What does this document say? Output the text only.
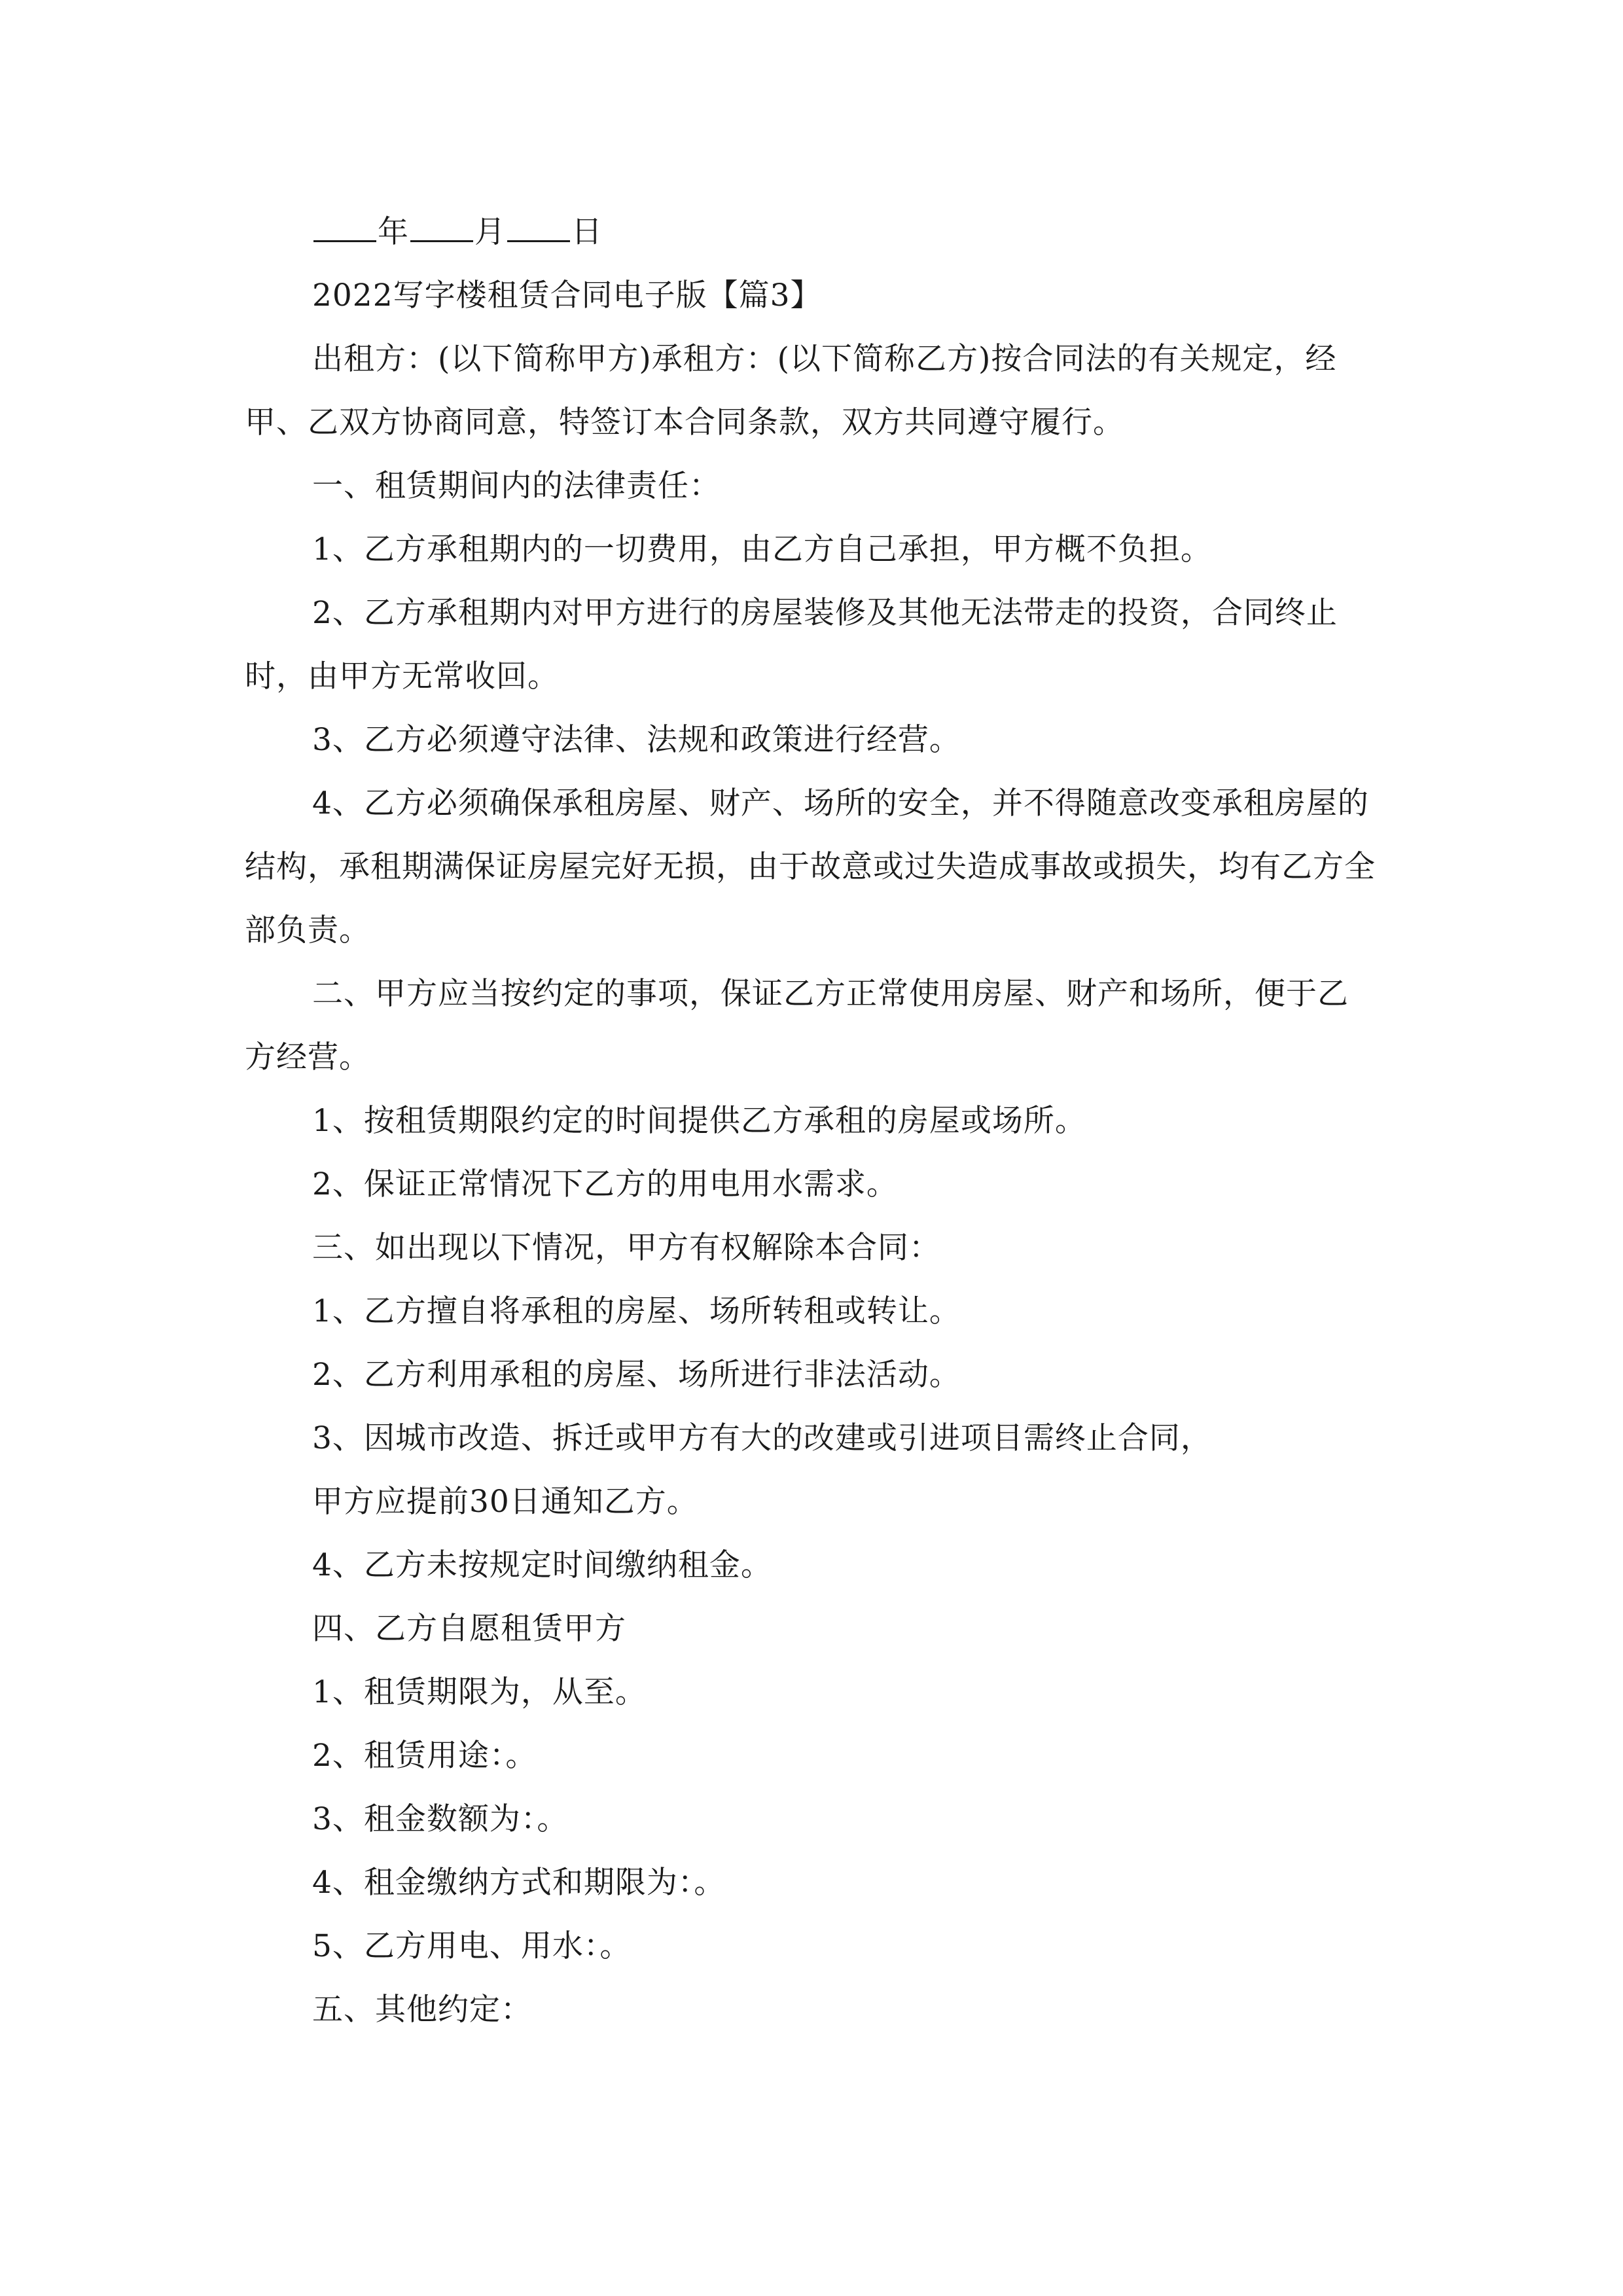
年 月 日

2022写字楼租赁合同电子版【篇3】

出租方：(以下简称甲方)承租方：(以下简称乙方)按合同法的有关规定，经甲、乙双方协商同意，特签订本合同条款，双方共同遵守履行。

一、租赁期间内的法律责任：

1、乙方承租期内的一切费用，由乙方自己承担，甲方概不负担。

2、乙方承租期内对甲方进行的房屋装修及其他无法带走的投资，合同终止时，由甲方无常收回。

3、乙方必须遵守法律、法规和政策进行经营。

4、乙方必须确保承租房屋、财产、场所的安全，并不得随意改变承租房屋的结构，承租期满保证房屋完好无损，由于故意或过失造成事故或损失，均有乙方全部负责。

二、甲方应当按约定的事项，保证乙方正常使用房屋、财产和场所，便于乙方经营。

1、按租赁期限约定的时间提供乙方承租的房屋或场所。

2、保证正常情况下乙方的用电用水需求。

三、如出现以下情况，甲方有权解除本合同：

1、乙方擅自将承租的房屋、场所转租或转让。

2、乙方利用承租的房屋、场所进行非法活动。

3、因城市改造、拆迁或甲方有大的改建或引进项目需终止合同，

甲方应提前30日通知乙方。

4、乙方未按规定时间缴纳租金。

四、乙方自愿租赁甲方

1、租赁期限为，从至。

2、租赁用途：。

3、租金数额为：。

4、租金缴纳方式和期限为：。

5、乙方用电、用水：。

五、其他约定：
